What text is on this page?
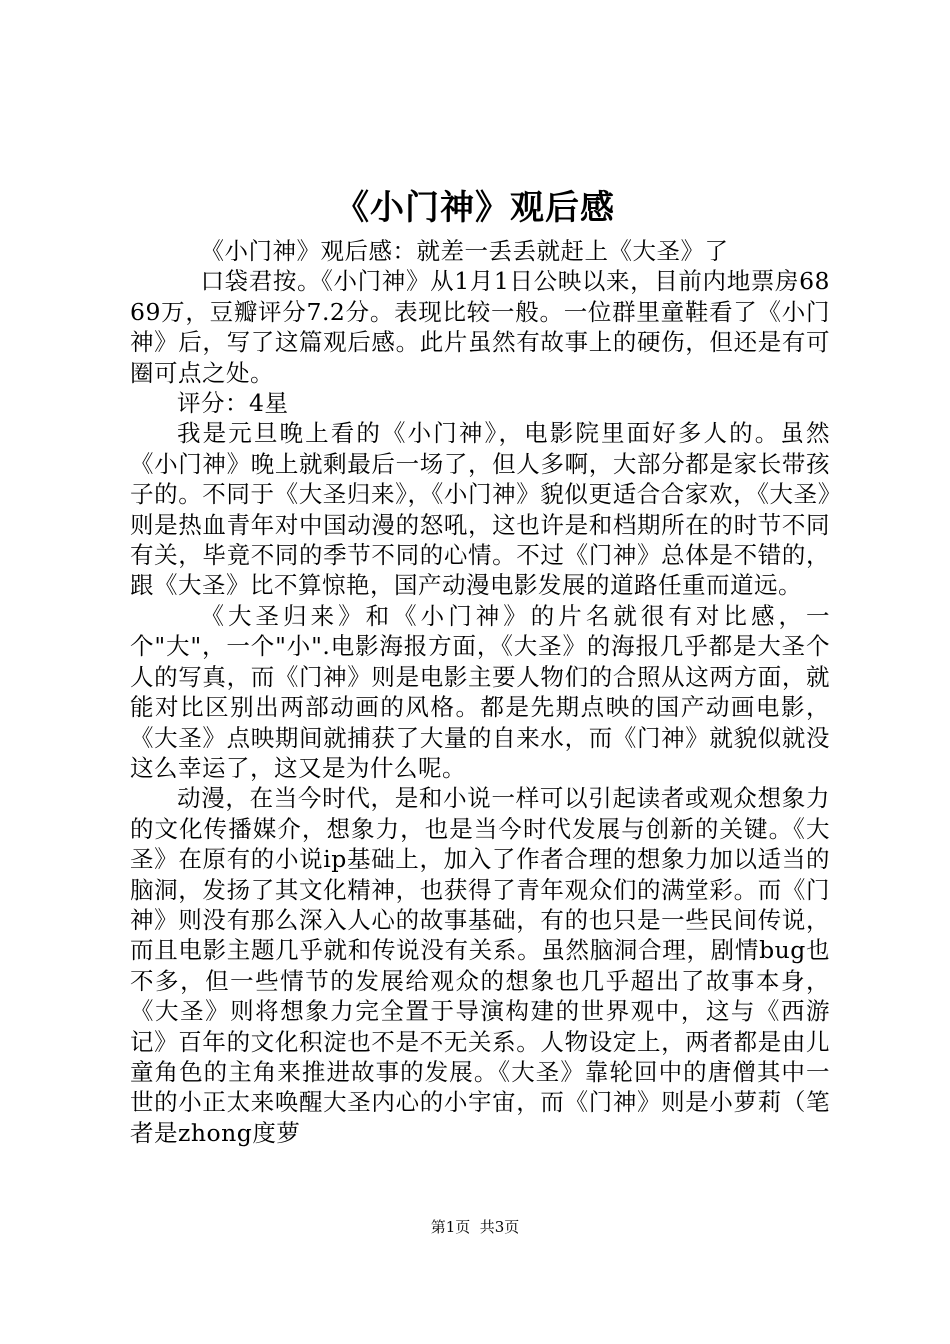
《小门神》观后感

《小门神》观后感：就差一丢丢就赶上《大圣》了

口袋君按。《小门神》从1月1日公映以来，目前内地票房6869万，豆瓣评分7.2分。表现比较一般。一位群里童鞋看了《小门神》后，写了这篇观后感。此片虽然有故事上的硬伤，但还是有可圈可点之处。

评分：4星

我是元旦晚上看的《小门神》，电影院里面好多人的。虽然《小门神》晚上就剩最后一场了，但人多啊，大部分都是家长带孩子的。不同于《大圣归来》，《小门神》貌似更适合合家欢，《大圣》则是热血青年对中国动漫的怒吼，这也许是和档期所在的时节不同有关，毕竟不同的季节不同的心情。不过《门神》总体是不错的，跟《大圣》比不算惊艳，国产动漫电影发展的道路任重而道远。

《大圣归来》和《小门神》的片名就很有对比感，一个"大"，一个"小".电影海报方面，《大圣》的海报几乎都是大圣个人的写真，而《门神》则是电影主要人物们的合照从这两方面，就能对比区别出两部动画的风格。都是先期点映的国产动画电影，《大圣》点映期间就捕获了大量的自来水，而《门神》就貌似就没这么幸运了，这又是为什么呢。

动漫，在当今时代，是和小说一样可以引起读者或观众想象力的文化传播媒介，想象力，也是当今时代发展与创新的关键。《大圣》在原有的小说ip基础上，加入了作者合理的想象力加以适当的脑洞，发扬了其文化精神，也获得了青年观众们的满堂彩。而《门神》则没有那么深入人心的故事基础，有的也只是一些民间传说，而且电影主题几乎就和传说没有关系。虽然脑洞合理，剧情bug也不多，但一些情节的发展给观众的想象也几乎超出了故事本身，《大圣》则将想象力完全置于导演构建的世界观中，这与《西游记》百年的文化积淀也不是不无关系。人物设定上，两者都是由儿童角色的主角来推进故事的发展。《大圣》靠轮回中的唐僧其中一世的小正太来唤醒大圣内心的小宇宙，而《门神》则是小萝莉（笔者是zhong度萝

第1页  共3页
